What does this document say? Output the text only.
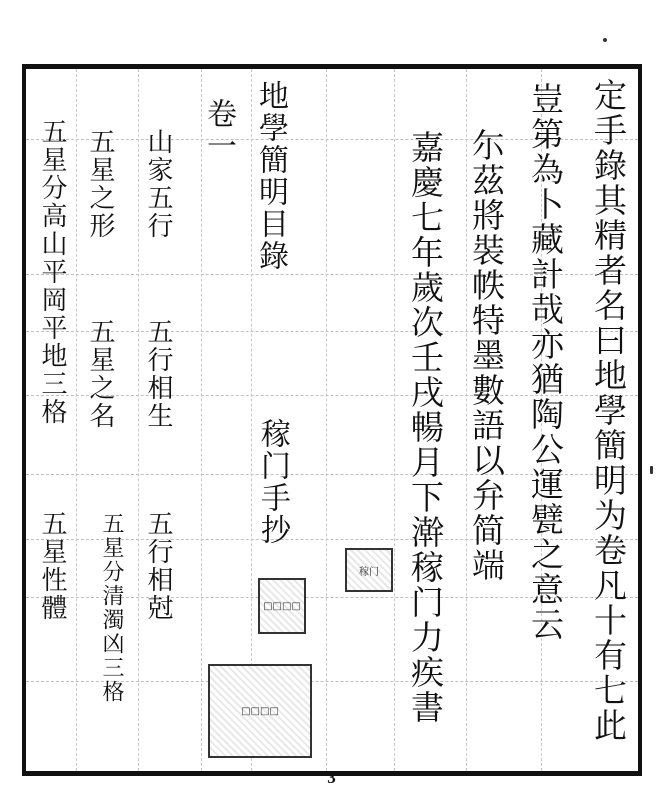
定手錄其精者名曰地學簡明为卷凡十有七此
豈第為卜藏計哉亦猶陶公運甓之意云
尓茲將裝帙特墨數語以弁简端
嘉慶七年歲次壬戌暢月下澣稼门力疾書
地學簡明目錄
稼门手抄
卷一
山家五行
五行相生
五行相尅
五星之形
五星之名
五星分清濁凶三格
五星分高山平岡平地三格
五星性體	稼门
□□□□
□□□□
3
